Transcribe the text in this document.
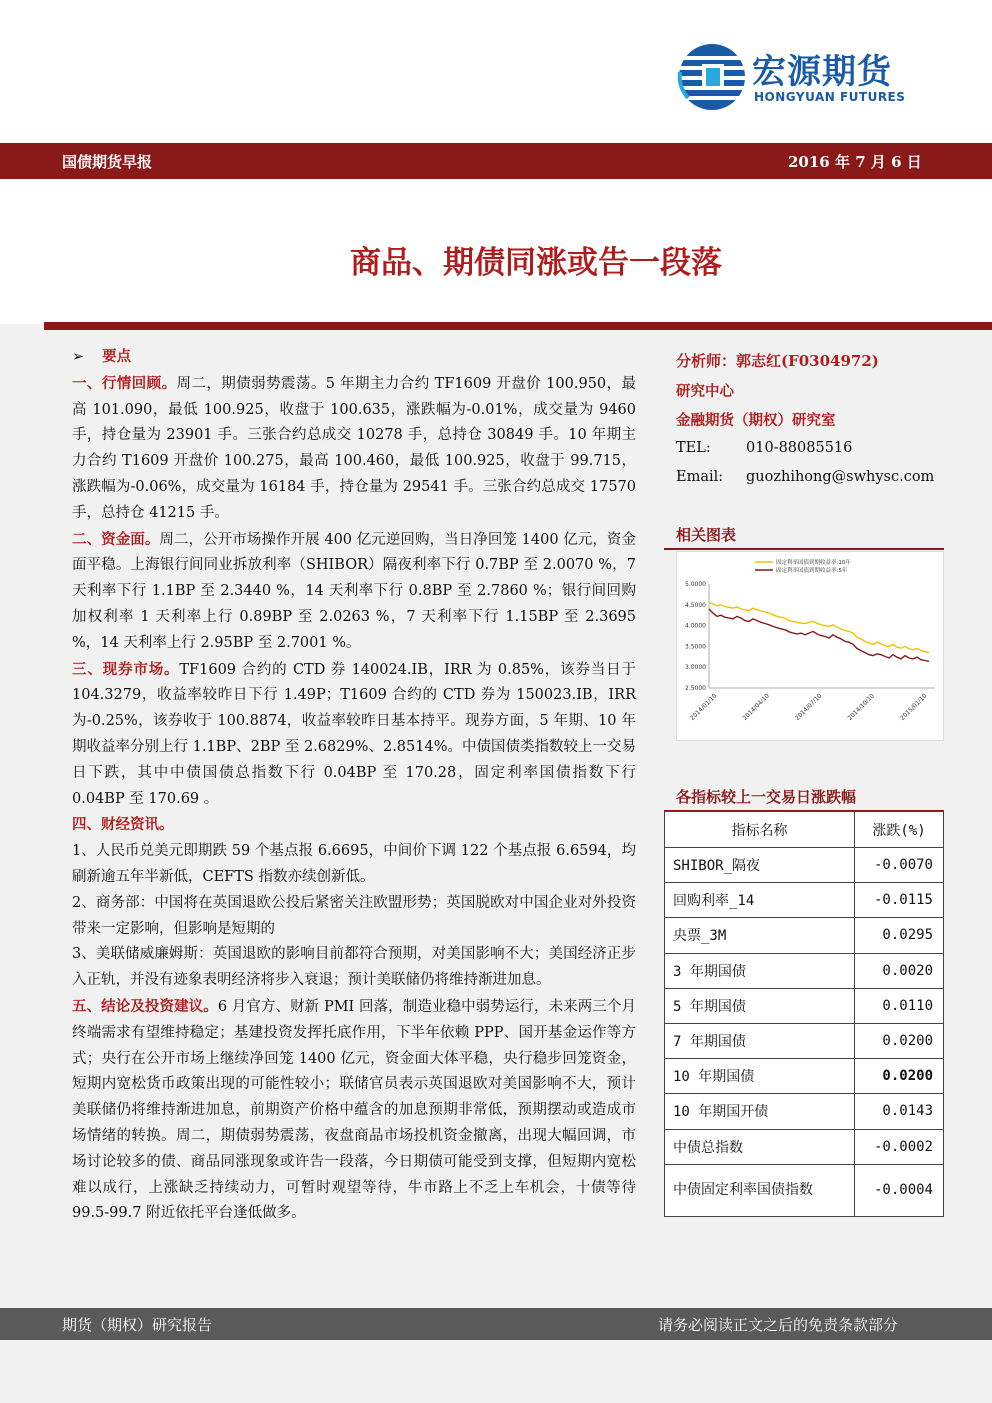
宏源期货
HONGYUAN FUTURES
国债期货早报	2016 年 7 月 6 日
商品、期债同涨或告一段落

➢ 要点

一、行情回顾。周二，期债弱势震荡。5 年期主力合约 TF1609 开盘价 100.950，最高 101.090，最低 100.925，收盘于 100.635，涨跌幅为-0.01%，成交量为 9460 手，持仓量为 23901 手。三张合约总成交 10278 手，总持仓 30849 手。10 年期主力合约 T1609 开盘价 100.275，最高 100.460，最低 100.925，收盘于 99.715，涨跌幅为-0.06%，成交量为 16184 手，持仓量为 29541 手。三张合约总成交 17570 手，总持仓 41215 手。

二、资金面。周二，公开市场操作开展 400 亿元逆回购，当日净回笼 1400 亿元，资金面平稳。上海银行间同业拆放利率（SHIBOR）隔夜利率下行 0.7BP 至 2.0070 %，7 天利率下行 1.1BP 至 2.3440 %，14 天利率下行 0.8BP 至 2.7860 %；银行间回购加权利率 1 天利率上行 0.89BP 至 2.0263 %，7 天利率下行 1.15BP 至 2.3695 %，14 天利率上行 2.95BP 至 2.7001 %。

三、现券市场。TF1609 合约的 CTD 券 140024.IB，IRR 为 0.85%，该券当日于 104.3279，收益率较昨日下行 1.49P；T1609 合约的 CTD 券为 150023.IB，IRR 为-0.25%，该券收于 100.8874，收益率较昨日基本持平。现券方面，5 年期、10 年期收益率分别上行 1.1BP、2BP 至 2.6829%、2.8514%。中债国债类指数较上一交易日下跌，其中中债国债总指数下行 0.04BP 至 170.28，固定利率国债指数下行 0.04BP 至 170.69 。

四、财经资讯。

1、人民币兑美元即期跌 59 个基点报 6.6695，中间价下调 122 个基点报 6.6594，均刷新逾五年半新低，CEFTS 指数亦续创新低。

2、商务部：中国将在英国退欧公投后紧密关注欧盟形势；英国脱欧对中国企业对外投资带来一定影响，但影响是短期的

3、美联储威廉姆斯：英国退欧的影响目前都符合预期，对美国影响不大；美国经济正步入正轨，并没有迹象表明经济将步入衰退；预计美联储仍将维持渐进加息。

五、结论及投资建议。6 月官方、财新 PMI 回落，制造业稳中弱势运行，未来两三个月终端需求有望维持稳定；基建投资发挥托底作用，下半年依赖 PPP、国开基金运作等方式；央行在公开市场上继续净回笼 1400 亿元，资金面大体平稳，央行稳步回笼资金，短期内宽松货币政策出现的可能性较小；联储官员表示英国退欧对美国影响不大，预计美联储仍将维持渐进加息，前期资产价格中蕴含的加息预期非常低，预期摆动或造成市场情绪的转换。周二，期债弱势震荡，夜盘商品市场投机资金撤离，出现大幅回调，市场讨论较多的债、商品同涨现象或许告一段落，今日期债可能受到支撑，但短期内宽松难以成行，上涨缺乏持续动力，可暂时观望等待，牛市路上不乏上车机会，十债等待 99.5-99.7 附近依托平台逢低做多。

分析师：郭志红(F0304972)
研究中心
金融期货（期权）研究室
TEL: 010-88085516
Email: guozhihong@swhysc.com
相关图表
5.0000
4.5000
4.0000
3.5000
3.0000
2.5000
2014/01/10	2014/04/10	2014/07/10	2014/10/10	2015/01/10
固定利率国债到期收益率:10年
固定利率国债到期收益率:5年
各指标较上一交易日涨跌幅
指标名称	涨跌(%)
SHIBOR_隔夜	-0.0070
回购利率_14	-0.0115
央票_3M	0.0295
3 年期国债	0.0020
5 年期国债	0.0110
7 年期国债	0.0200
10 年期国债	0.0200
10 年期国开债	0.0143
中债总指数	-0.0002
中债固定利率国债指数	-0.0004
期货（期权）研究报告	请务必阅读正文之后的免责条款部分
